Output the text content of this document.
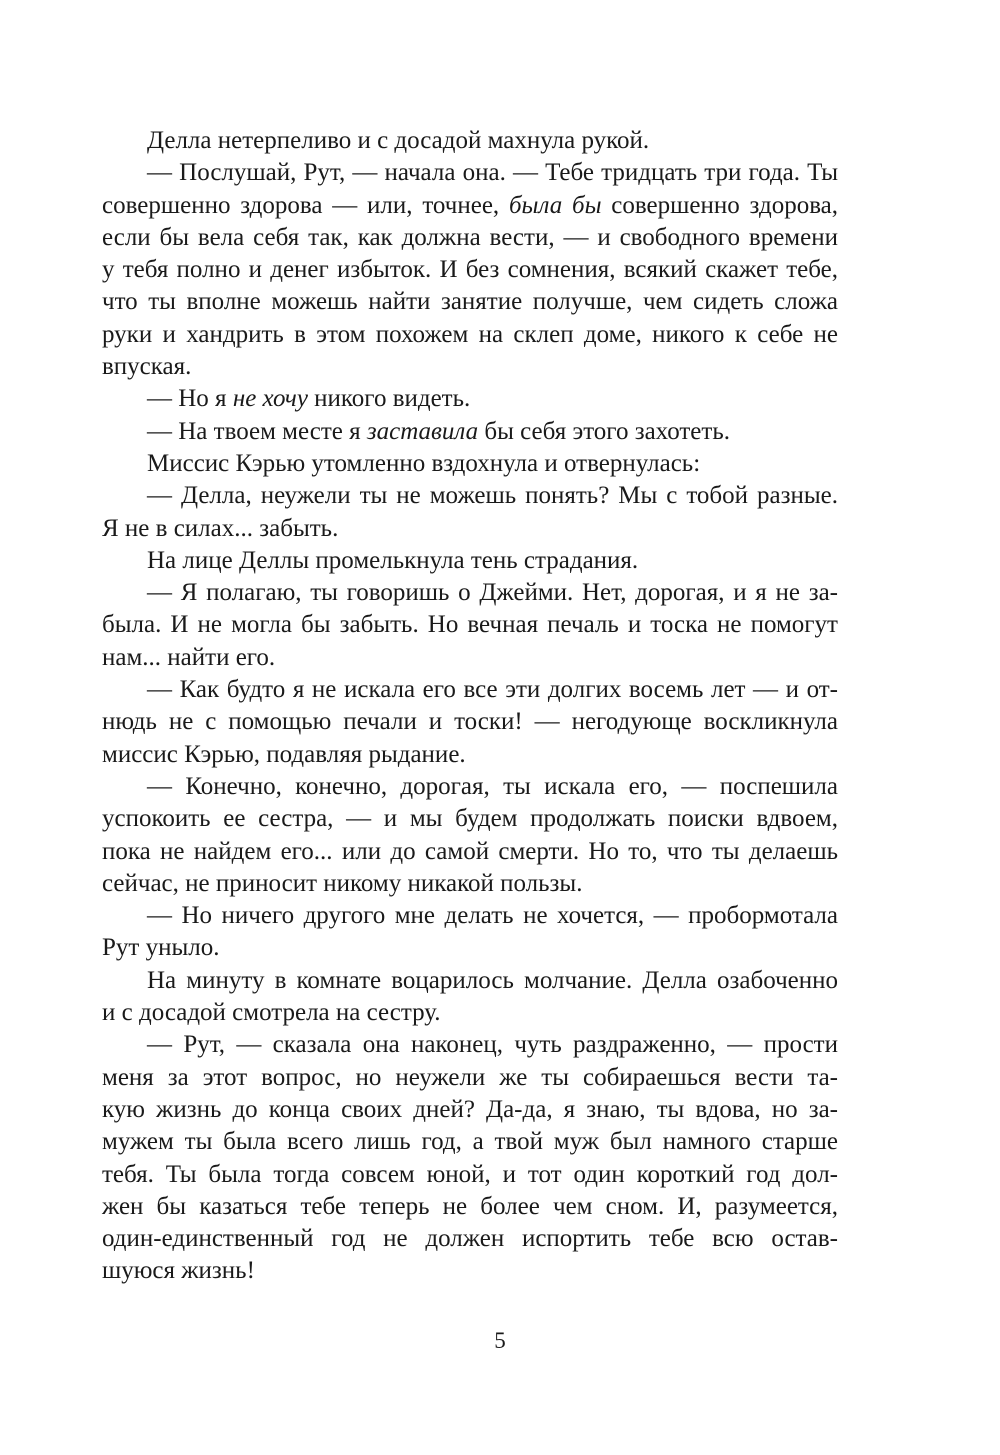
Делла нетерпеливо и с досадой махнула рукой.
— Послушай, Рут, — начала она. — Тебе тридцать три года. Ты
совершенно здорова — или, точнее, была бы совершенно здорова,
если бы вела себя так, как должна вести, — и свободного времени
у тебя полно и денег избыток. И без сомнения, всякий скажет тебе,
что ты вполне можешь найти занятие получше, чем сидеть сложа
руки и хандрить в этом похожем на склеп доме, никого к себе не
впуская.
— Но я не хочу никого видеть.
— На твоем месте я заставила бы себя этого захотеть.
Миссис Кэрью утомленно вздохнула и отвернулась:
— Делла, неужели ты не можешь понять? Мы с тобой разные.
Я не в силах... забыть.
На лице Деллы промелькнула тень страдания.
— Я полагаю, ты говоришь о Джейми. Нет, дорогая, и я не за-
была. И не могла бы забыть. Но вечная печаль и тоска не помогут
нам... найти его.
— Как будто я не искала его все эти долгих восемь лет — и от-
нюдь не с помощью печали и тоски! — негодующе воскликнула
миссис Кэрью, подавляя рыдание.
— Конечно, конечно, дорогая, ты искала его, — поспешила
успокоить ее сестра, — и мы будем продолжать поиски вдвоем,
пока не найдем его... или до самой смерти. Но то, что ты делаешь
сейчас, не приносит никому никакой пользы.
— Но ничего другого мне делать не хочется, — пробормотала
Рут уныло.
На минуту в комнате воцарилось молчание. Делла озабоченно
и с досадой смотрела на сестру.
— Рут, — сказала она наконец, чуть раздраженно, — прости
меня за этот вопрос, но неужели же ты собираешься вести та-
кую жизнь до конца своих дней? Да-да, я знаю, ты вдова, но за-
мужем ты была всего лишь год, а твой муж был намного старше
тебя. Ты была тогда совсем юной, и тот один короткий год дол-
жен бы казаться тебе теперь не более чем сном. И, разумеется,
один-единственный год не должен испортить тебе всю остав-
шуюся жизнь!
5
